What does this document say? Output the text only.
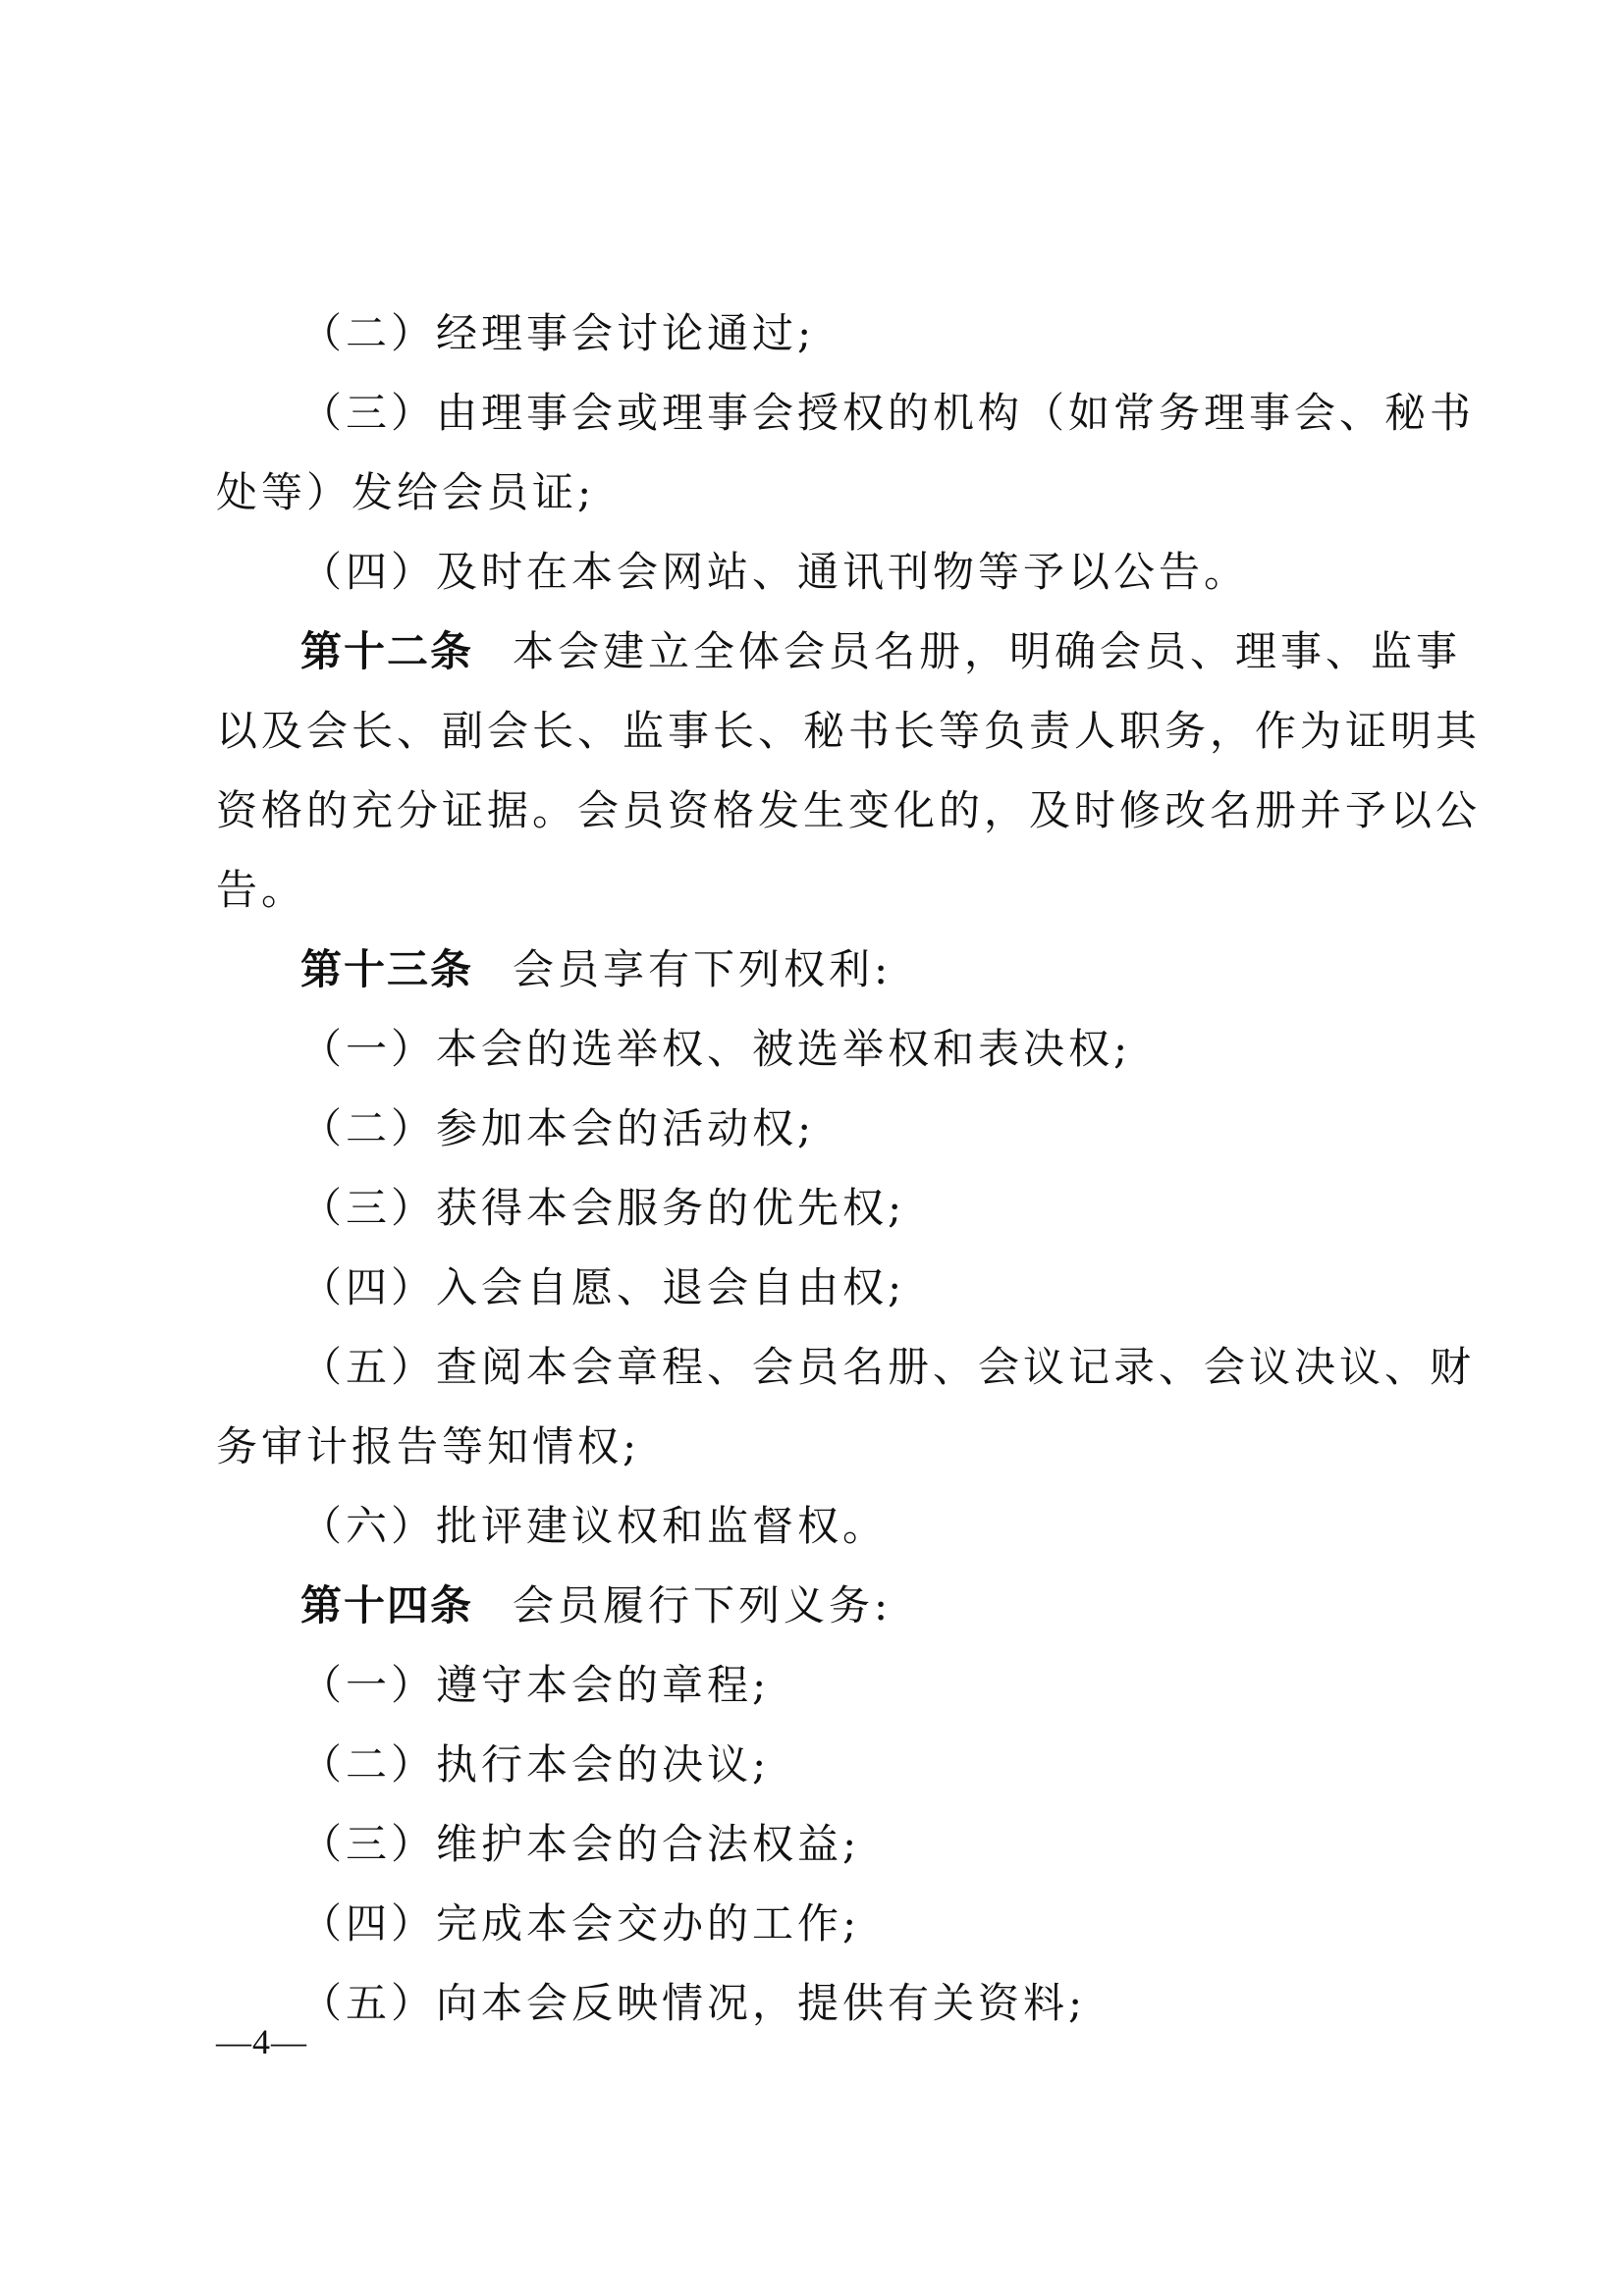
（二）经理事会讨论通过;
（三）由理事会或理事会授权的机构（如常务理事会、秘书
处等）发给会员证;
（四）及时在本会网站、通讯刊物等予以公告。
第十二条 本会建立全体会员名册，明确会员、理事、监事
以及会长、副会长、监事长、秘书长等负责人职务，作为证明其
资格的充分证据。会员资格发生变化的，及时修改名册并予以公
告。
第十三条 会员享有下列权利:
（一）本会的选举权、被选举权和表决权;
（二）参加本会的活动权;
（三）获得本会服务的优先权;
（四）入会自愿、退会自由权;
（五）查阅本会章程、会员名册、会议记录、会议决议、财
务审计报告等知情权;
（六）批评建议权和监督权。
第十四条 会员履行下列义务:
（一）遵守本会的章程;
（二）执行本会的决议;
（三）维护本会的合法权益;
（四）完成本会交办的工作;
（五）向本会反映情况，提供有关资料;
—4—
